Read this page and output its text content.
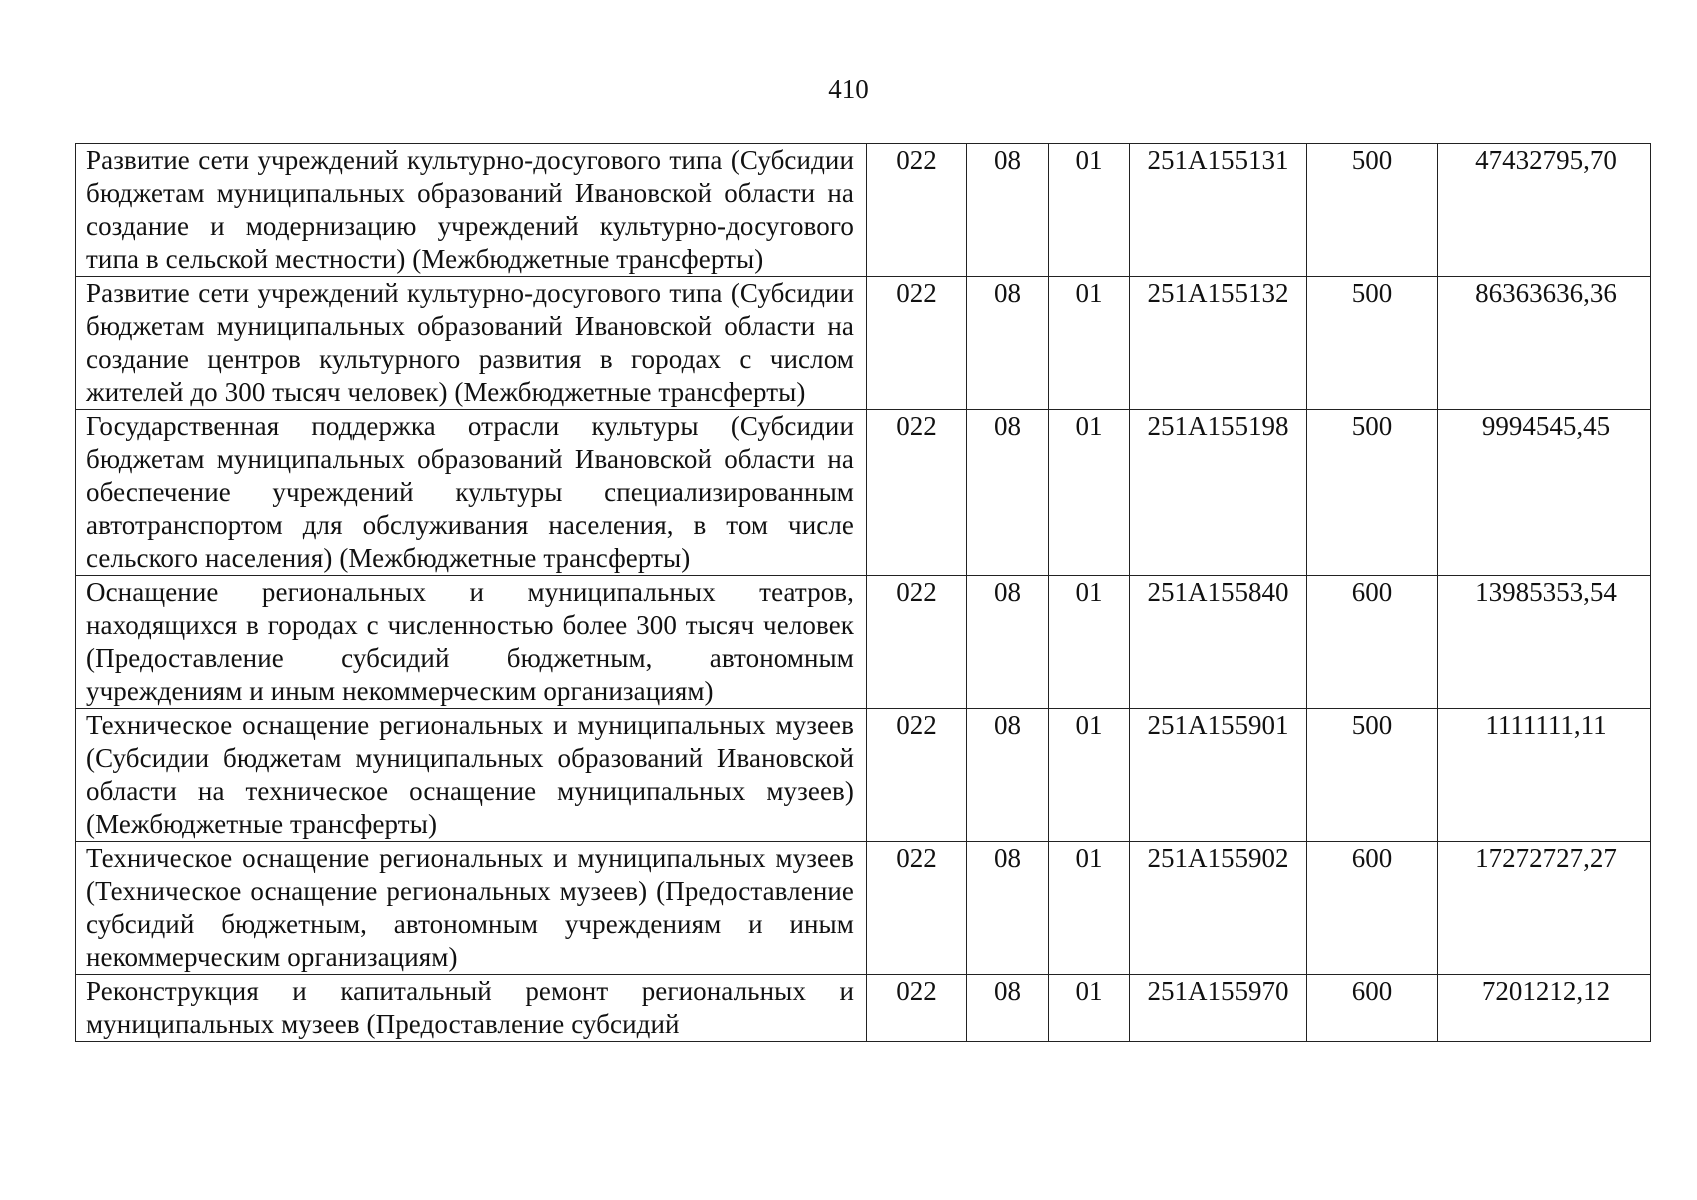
410
Развитие сети учреждений культурно-досугового типа (Субсидии бюджетам муниципальных образований Ивановской области на создание и модернизацию учреждений культурно-досугового типа в сельской местности) (Межбюджетные трансферты)	022	08	01	251А155131	500	47432795,70
Развитие сети учреждений культурно-досугового типа (Субсидии бюджетам муниципальных образований Ивановской области на создание центров культурного развития в городах с числом жителей до 300 тысяч человек) (Межбюджетные трансферты)	022	08	01	251А155132	500	86363636,36
Государственная поддержка отрасли культуры (Субсидии бюджетам муниципальных образований Ивановской области на обеспечение учреждений культуры специализированным автотранспортом для обслуживания населения, в том числе сельского населения) (Межбюджетные трансферты)	022	08	01	251А155198	500	9994545,45
Оснащение региональных и муниципальных театров, находящихся в городах с численностью более 300 тысяч человек (Предоставление субсидий бюджетным, автономным учреждениям и иным некоммерческим организациям)	022	08	01	251А155840	600	13985353,54
Техническое оснащение региональных и муниципальных музеев (Субсидии бюджетам муниципальных образований Ивановской области на техническое оснащение муниципальных музеев) (Межбюджетные трансферты)	022	08	01	251А155901	500	1111111,11
Техническое оснащение региональных и муниципальных музеев (Техническое оснащение региональных музеев) (Предоставление субсидий бюджетным, автономным учреждениям и иным некоммерческим организациям)	022	08	01	251А155902	600	17272727,27
Реконструкция и капитальный ремонт региональных и муниципальных музеев (Предоставление субсидий	022	08	01	251А155970	600	7201212,12
